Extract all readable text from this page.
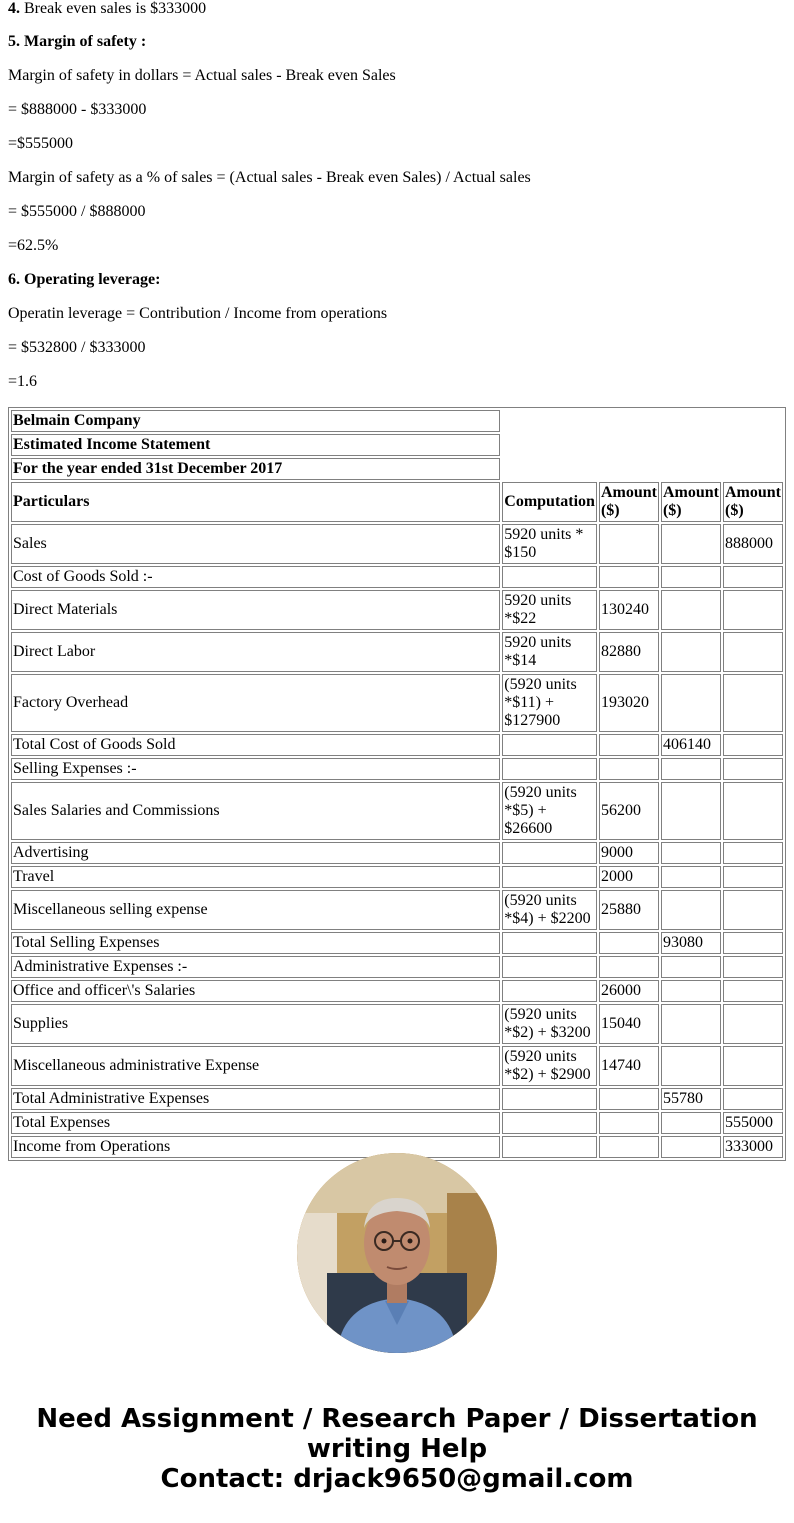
4. Break even sales is $333000

5. Margin of safety :

Margin of safety in dollars = Actual sales - Break even Sales

= $888000 - $333000

=$555000

Margin of safety as a % of sales = (Actual sales - Break even Sales) / Actual sales

= $555000 / $888000

=62.5%

6. Operating leverage:

Operatin leverage = Contribution / Income from operations

= $532800 / $333000

=1.6

Belmain Company				
Estimated Income Statement				
For the year ended 31st December 2017				
Particulars	Computation	Amount ($)	Amount ($)	Amount ($)
Sales	5920 units * $150			888000
Cost of Goods Sold :-				
Direct Materials	5920 units *$22	130240		
Direct Labor	5920 units *$14	82880		
Factory Overhead	(5920 units *$11) + $127900	193020		
Total Cost of Goods Sold			406140	
Selling Expenses :-				
Sales Salaries and Commissions	(5920 units *$5) + $26600	56200		
Advertising		9000		
Travel		2000		
Miscellaneous selling expense	(5920 units *$4) + $2200	25880		
Total Selling Expenses			93080	
Administrative Expenses :-				
Office and officer\'s Salaries		26000		
Supplies	(5920 units *$2) + $3200	15040		
Miscellaneous administrative Expense	(5920 units *$2) + $2900	14740		
Total Administrative Expenses			55780	
Total Expenses				555000
Income from Operations				333000

Need Assignment / Research Paper / Dissertation

writing Help

Contact: drjack9650@gmail.com
